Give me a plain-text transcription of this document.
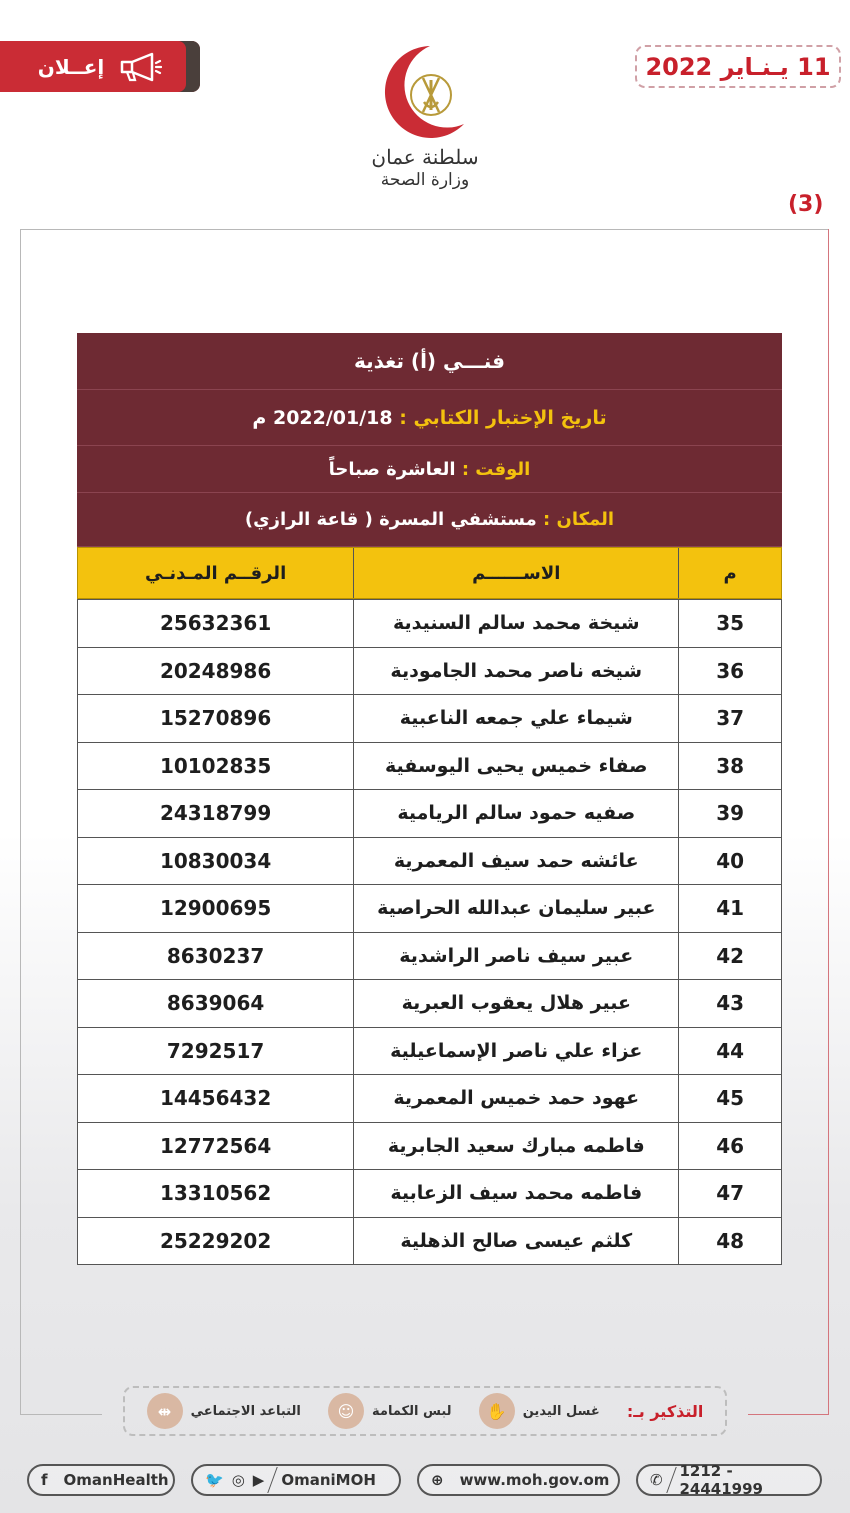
إعــلان	11 يـنـاير 2022
سلطنة عمان
وزارة الصحة
(3)
فنـــي (أ) تغذية
تاريخ الإختبار الكتابي :

2022/01/18 م
الوقت :

العاشرة صباحاً
المكان :

مستشفي المسرة ( قاعة الرازي)
الرقــم المـدنـي	الاســــــم	م
25632361	شيخة محمد سالم السنيدية	35
20248986	شيخه ناصر محمد الجامودية	36
15270896	شيماء علي جمعه الناعبية	37
10102835	صفاء خميس يحيى اليوسفية	38
24318799	صفيه حمود سالم الريامية	39
10830034	عائشه حمد سيف المعمرية	40
12900695	عبير سليمان عبدالله الحراصية	41
8630237	عبير سيف ناصر الراشدية	42
8639064	عبير هلال يعقوب العبرية	43
7292517	عزاء علي ناصر الإسماعيلية	44
14456432	عهود حمد خميس المعمرية	45
12772564	فاطمه مبارك سعيد الجابرية	46
13310562	فاطمه محمد سيف الزعابية	47
25229202	كلثم عيسى صالح الذهلية	48
التذكير بـ:
غسل اليدين
✋
لبس الكمامة
☺
التباعد الاجتماعي
⇹
✆ 1212 - 24441999
⊕ www.moh.gov.om
🐦 ◎ ▶ OmaniMOH
f OmanHealth
